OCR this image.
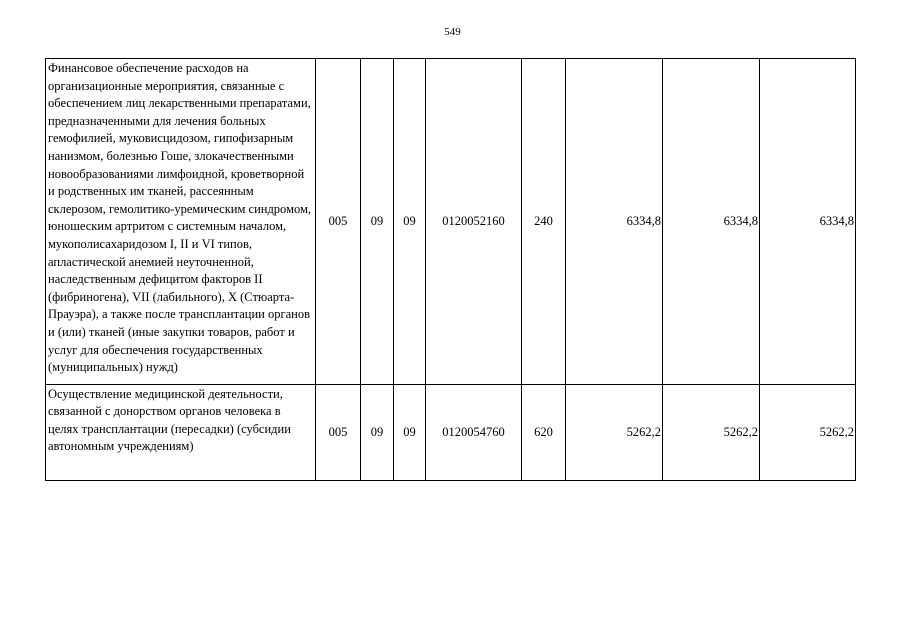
549
Финансовое обеспечение расходов на организационные мероприятия, связанные с обеспечением лиц лекарственными препаратами, предназначенными для лечения больных гемофилией, муковисцидозом, гипофизарным нанизмом, болезнью Гоше, злокачественными новообразованиями лимфоидной, кроветворной и родственных им тканей, рассеянным склерозом, гемолитико-уремическим синдромом, юношеским артритом с системным началом, мукополисахаридозом I, II и VI типов, апластической анемией неуточненной, наследственным дефицитом факторов II (фибриногена), VII (лабильного), X (Стюарта-Прауэра), а также после трансплантации органов и (или) тканей (иные закупки товаров, работ и услуг для обеспечения государственных (муниципальных) нужд)	005	09	09	0120052160	240	6334,8	6334,8	6334,8
Осуществление медицинской деятельности, связанной с донорством органов человека в целях трансплантации (пересадки) (субсидии автономным учреждениям)	005	09	09	0120054760	620	5262,2	5262,2	5262,2
